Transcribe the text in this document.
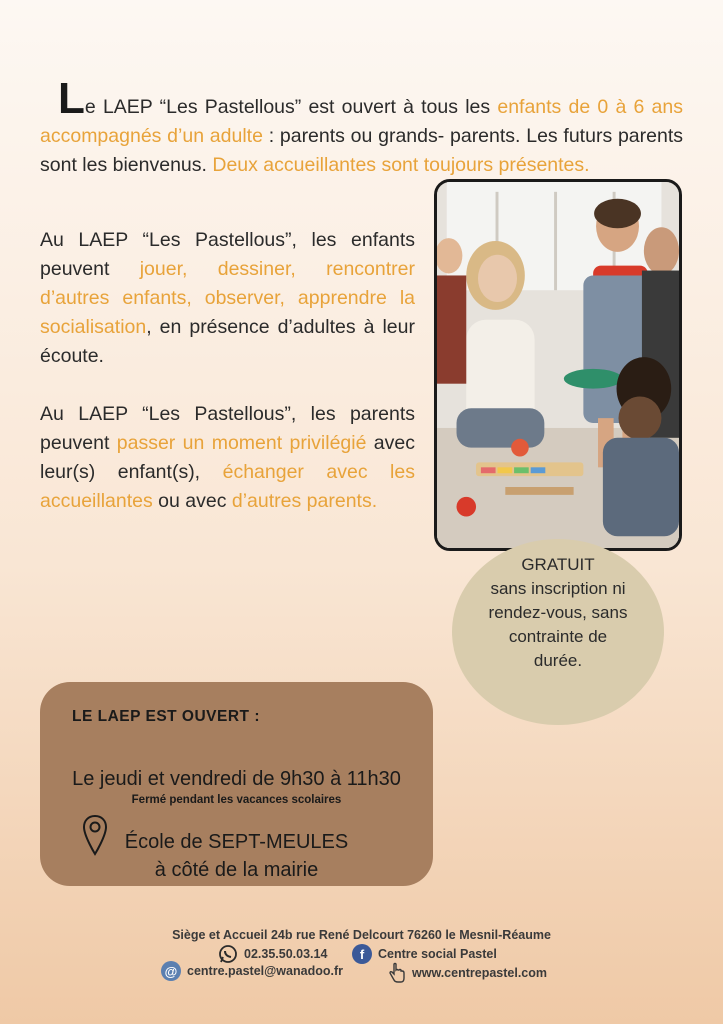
Le LAEP “Les Pastellous” est ouvert à tous les enfants de 0 à 6 ans accompagnés d’un adulte : parents ou grands- parents. Les futurs parents sont les bienvenus. Deux accueillantes sont toujours présentes.

Au LAEP “Les Pastellous”, les enfants peuvent jouer, dessiner, rencontrer d’autres enfants, observer, apprendre la socialisation, en présence d’adultes à leur écoute.

Au LAEP “Les Pastellous”, les parents peuvent passer un moment privilégié avec leur(s) enfant(s), échanger avec les accueillantes ou avec d’autres parents.

GRATUIT
sans inscription ni
rendez-vous, sans
contrainte de
durée.
LE LAEP EST OUVERT :
Le jeudi et vendredi de 9h30 à 11h30
Fermé pendant les vacances scolaires
École de SEPT-MEULES
à côté de la mairie
Siège et Accueil 24b rue René Delcourt 76260 le Mesnil-Réaume
02.35.50.03.14	f	Centre social Pastel
@ centre.pastel@wanadoo.fr	www.centrepastel.com
